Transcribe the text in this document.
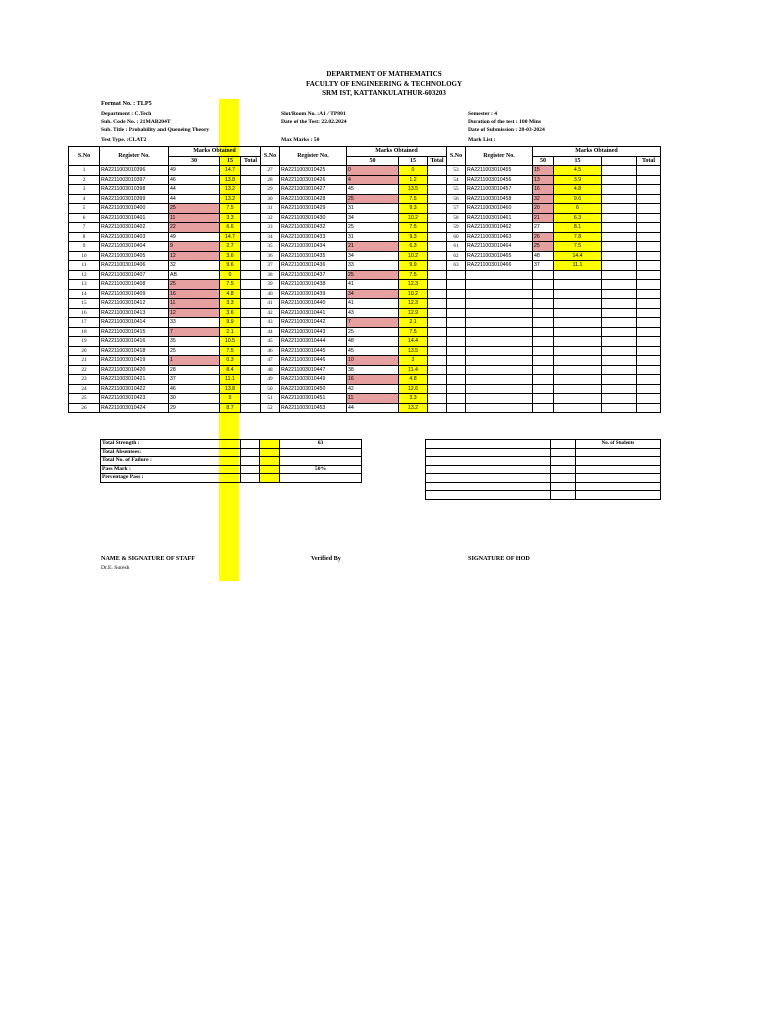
DEPARTMENT OF MATHEMATICS
FACULTY OF ENGINEERING & TECHNOLOGY
SRM IST, KATTANKULATHUR-603203
Format No. : TLP5
Department : C.Tech
Sub. Code No. : 21MAB204T
Sub. Title : Probability and Queueing Theory
Test Type. :CLAT2
Slot/Room No. :A1 / TP801
Date of the Test: 22.02.2024
Max Marks : 50
Semester : 4
Duration of the test : 100 Mins
Date of Submission : 28-03-2024
Mark List :
S.No	Register No.	Marks Obtained		
		30	15	Total
1	RA2211003010396	49	14.7	
2	RA2211003010397	46	13.8	
3	RA2211003010398	44	13.2	
4	RA2211003010399	44	13.2	
5	RA2211003010400	25	7.5	
6	RA2211003010401	11	3.3	
7	RA2211003010402	22	6.6	
8	RA2211003010403	49	14.7	
9	RA2211003010404	9	2.7	
10	RA2211003010405	12	3.6	
11	RA2211003010406	32	9.6	
12	RA2211003010407	AB	0	
13	RA2211003010408	25	7.5	
14	RA2211003010409	16	4.8	
15	RA2211003010412	11	3.3	
16	RA2211003010413	12	3.6	
17	RA2211003010414	33	9.9	
18	RA2211003010415	7	2.1	
19	RA2211003010416	35	10.5	
20	RA2211003010418	25	7.5	
21	RA2211003010419	1	0.3	
22	RA2211003010420	28	8.4	
23	RA2211003010421	37	11.1	
24	RA2211003010422	46	13.8	
25	RA2211003010423	30	9	
26	RA2211003010424	29	8.7	
S.No	Register No.	Marks Obtained		
		50	15	Total
27	RA2211003010425	0	0	
28	RA2211003010426	4	1.2	
29	RA2211003010427	45	13.5	
30	RA2211003010428	25	7.5	
31	RA2211003010429	31	9.3	
32	RA2211003010430	34	10.2	
33	RA2211003010432	25	7.5	
34	RA2211003010433	31	9.3	
35	RA2211003010434	21	6.3	
36	RA2211003010435	34	10.2	
37	RA2211003010436	33	9.9	
38	RA2211003010437	25	7.5	
39	RA2211003010438	41	12.3	
40	RA2211003010439	34	10.2	
41	RA2211003010440	41	12.3	
42	RA2211003010441	43	12.9	
43	RA2211003010442	7	2.1	
44	RA2211003010443	25	7.5	
45	RA2211003010444	48	14.4	
46	RA2211003010445	45	13.5	
47	RA2211003010446	10	3	
48	RA2211003010447	38	11.4	
49	RA2211003010449	16	4.8	
50	RA2211003010450	42	12.6	
51	RA2211003010451	11	3.3	
52	RA2211003010453	44	13.2	
S.No	Register No.	Marks Obtained			
		50	15		Total
53	RA2211003010455	15	4.5		
54	RA2211003010456	13	3.9		
55	RA2211003010457	16	4.8		
56	RA2211003010458	32	9.6		
57	RA2211003010460	20	6		
58	RA2211003010461	21	6.3		
59	RA2211003010462	27	8.1		
60	RA2211003010463	26	7.8		
61	RA2211003010464	25	7.5		
62	RA2211003010465	48	14.4		
63	RA2211003010466	37	11.1		

Total Strength :			63
Total Absentees:			
Total No. of Failure :			
Pass Mark :			50%
Percentage Pass :			
		No. of Students

NAME & SIGNATURE OF STAFF
Dr.E. Suresh
Verified By	SIGNATURE OF HOD
